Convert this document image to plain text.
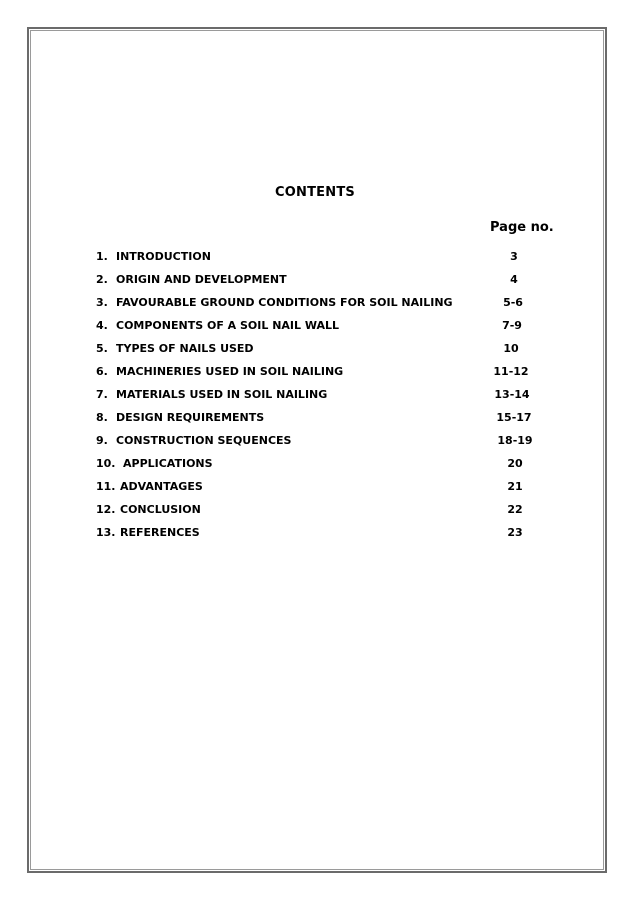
CONTENTS
Page no.
1. INTRODUCTION	3
2. ORIGIN AND DEVELOPMENT	4
3. FAVOURABLE GROUND CONDITIONS FOR SOIL NAILING	5-6
4. COMPONENTS OF A SOIL NAIL WALL	7-9
5. TYPES OF NAILS USED	10
6. MACHINERIES USED IN SOIL NAILING	11-12
7. MATERIALS USED IN SOIL NAILING	13-14
8. DESIGN REQUIREMENTS	15-17
9. CONSTRUCTION SEQUENCES	18-19
10. APPLICATIONS	20
11. ADVANTAGES	21
12. CONCLUSION	22
13. REFERENCES	23
